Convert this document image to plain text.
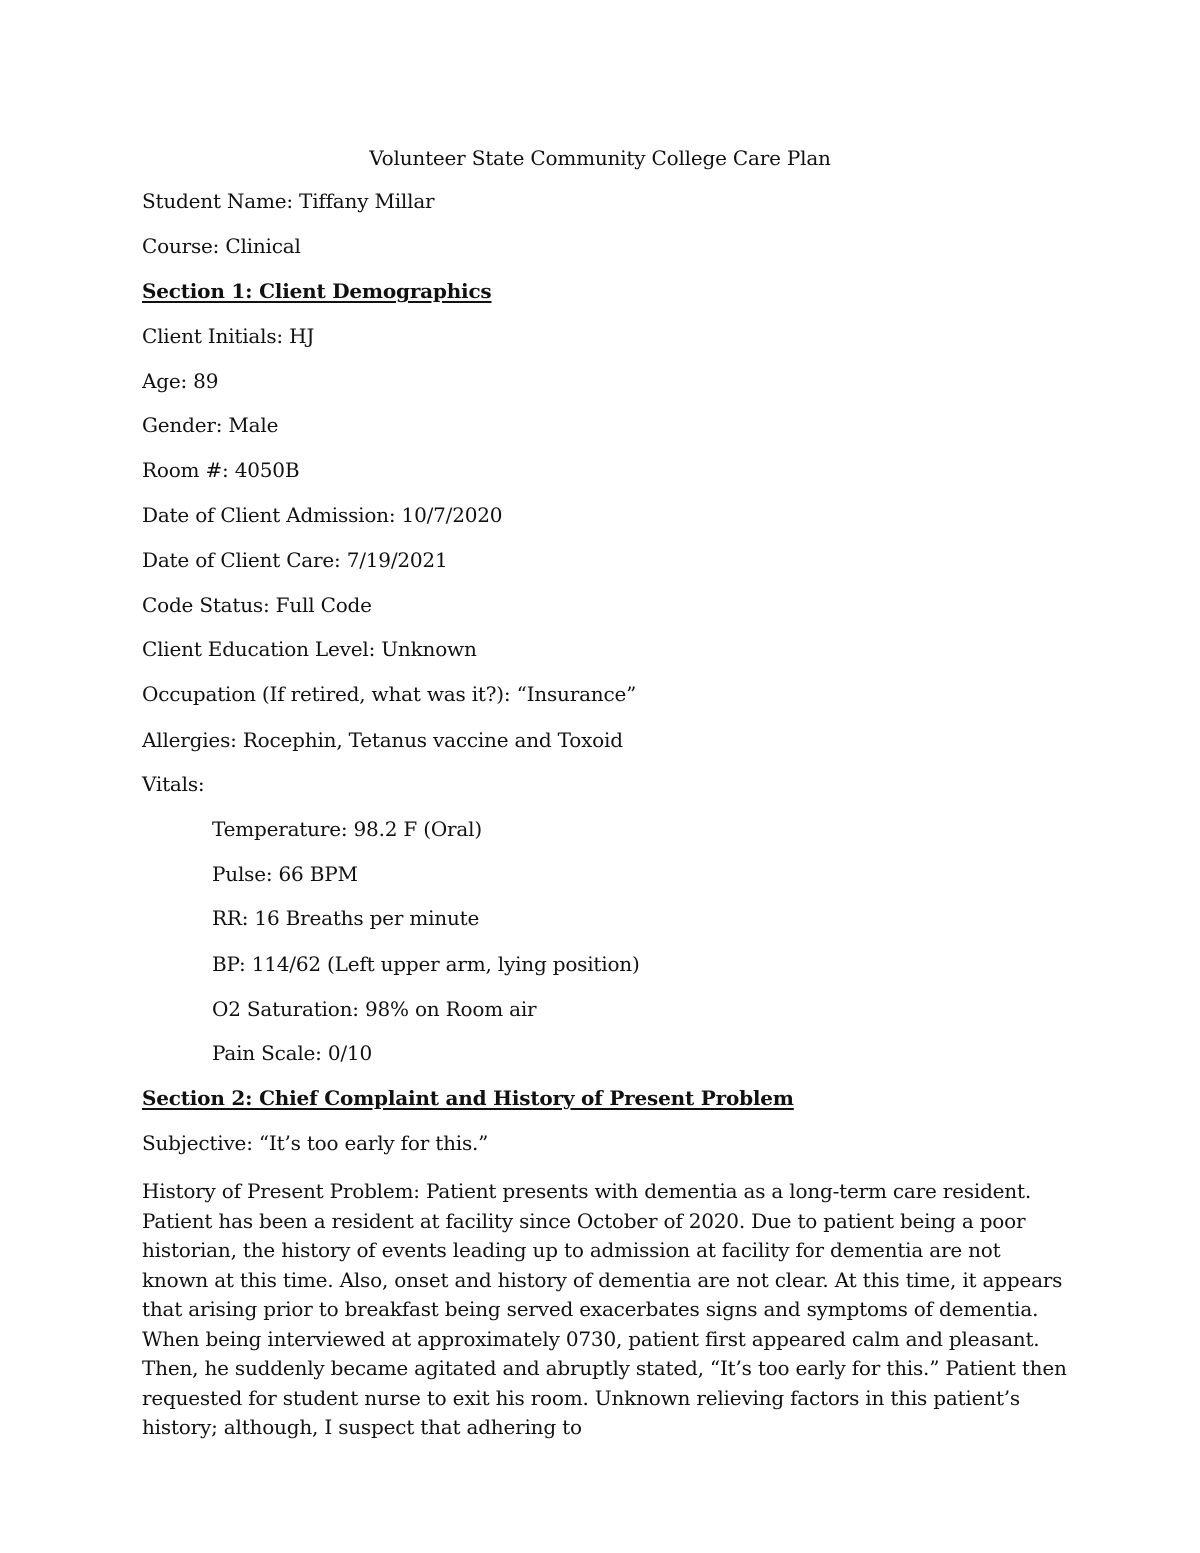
Volunteer State Community College Care Plan
Student Name: Tiffany Millar
Course: Clinical
Section 1: Client Demographics
Client Initials: HJ
Age: 89
Gender: Male
Room #: 4050B
Date of Client Admission: 10/7/2020
Date of Client Care: 7/19/2021
Code Status: Full Code
Client Education Level: Unknown
Occupation (If retired, what was it?): “Insurance”
Allergies: Rocephin, Tetanus vaccine and Toxoid
Vitals:
Temperature: 98.2 F (Oral)
Pulse: 66 BPM
RR: 16 Breaths per minute
BP: 114/62 (Left upper arm, lying position)
O2 Saturation: 98% on Room air
Pain Scale: 0/10
Section 2: Chief Complaint and History of Present Problem
Subjective: “It’s too early for this.”

History of Present Problem: Patient presents with dementia as a long-term care resident. Patient has been a resident at facility since October of 2020. Due to patient being a poor historian, the history of events leading up to admission at facility for dementia are not known at this time. Also, onset and history of dementia are not clear. At this time, it appears that arising prior to breakfast being served exacerbates signs and symptoms of dementia. When being interviewed at approximately 0730, patient first appeared calm and pleasant. Then, he suddenly became agitated and abruptly stated, “It’s too early for this.” Patient then requested for student nurse to exit his room. Unknown relieving factors in this patient’s history; although, I suspect that adhering to
